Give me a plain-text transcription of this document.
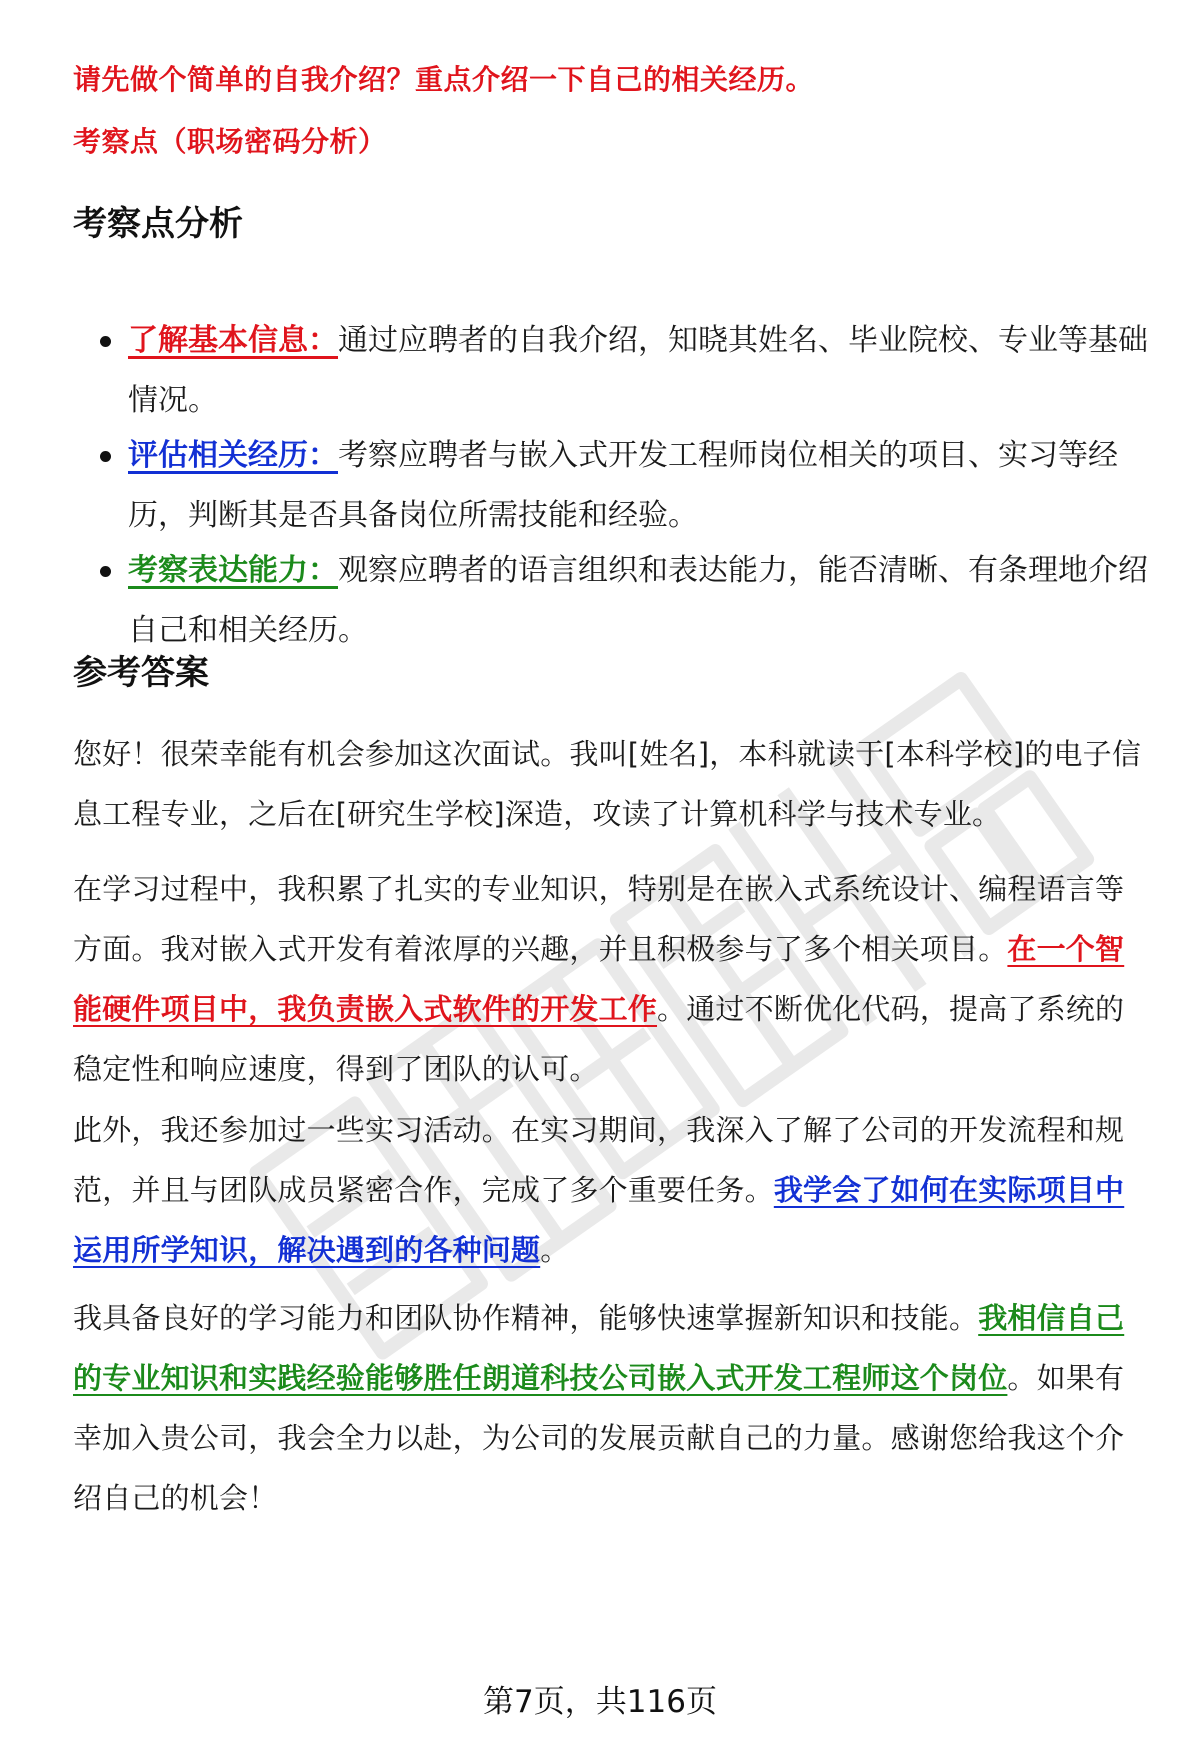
请先做个简单的自我介绍？重点介绍一下自己的相关经历。
考察点（职场密码分析）
考察点分析
了解基本信息：通过应聘者的自我介绍，知晓其姓名、毕业院校、专业等基础情况。
评估相关经历：考察应聘者与嵌入式开发工程师岗位相关的项目、实习等经历，判断其是否具备岗位所需技能和经验。
考察表达能力：观察应聘者的语言组织和表达能力，能否清晰、有条理地介绍自己和相关经历。
参考答案
您好！很荣幸能有机会参加这次面试。我叫[姓名]，本科就读于[本科学校]的电子信息工程专业，之后在[研究生学校]深造，攻读了计算机科学与技术专业。
在学习过程中，我积累了扎实的专业知识，特别是在嵌入式系统设计、编程语言等方面。我对嵌入式开发有着浓厚的兴趣，并且积极参与了多个相关项目。在一个智能硬件项目中，我负责嵌入式软件的开发工作。通过不断优化代码，提高了系统的稳定性和响应速度，得到了团队的认可。
此外，我还参加过一些实习活动。在实习期间，我深入了解了公司的开发流程和规范，并且与团队成员紧密合作，完成了多个重要任务。我学会了如何在实际项目中运用所学知识，解决遇到的各种问题。
我具备良好的学习能力和团队协作精神，能够快速掌握新知识和技能。我相信自己的专业知识和实践经验能够胜任朗道科技公司嵌入式开发工程师这个岗位。如果有幸加入贵公司，我会全力以赴，为公司的发展贡献自己的力量。感谢您给我这个介绍自己的机会！
第7页，共116页
